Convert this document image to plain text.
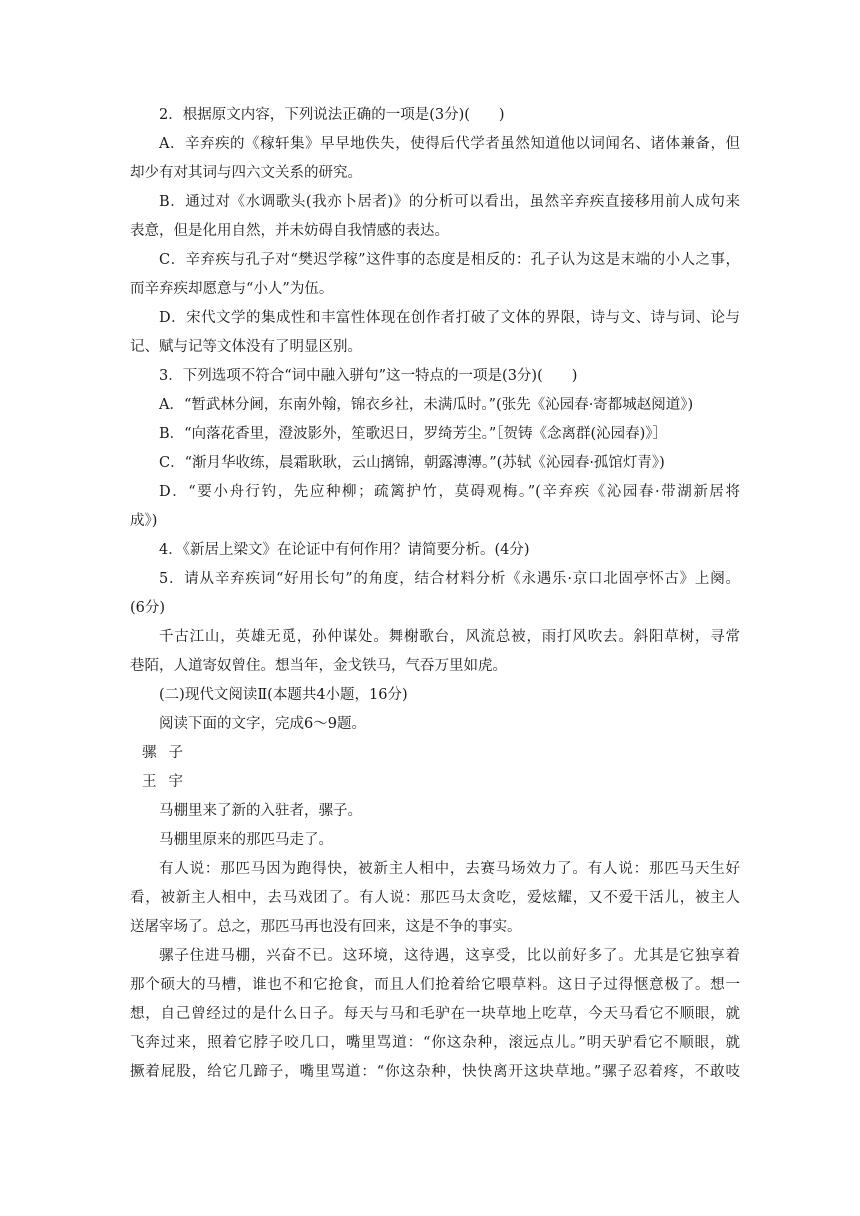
2．根据原文内容，下列说法正确的一项是(3分)(　　)
A．辛弃疾的《稼轩集》早早地佚失，使得后代学者虽然知道他以词闻名、诸体兼备，但
却少有对其词与四六文关系的研究。
B．通过对《水调歌头(我亦卜居者)》的分析可以看出，虽然辛弃疾直接移用前人成句来
表意，但是化用自然，并未妨碍自我情感的表达。
C．辛弃疾与孔子对“樊迟学稼”这件事的态度是相反的：孔子认为这是末端的小人之事，
而辛弃疾却愿意与“小人”为伍。
D．宋代文学的集成性和丰富性体现在创作者打破了文体的界限，诗与文、诗与词、论与
记、赋与记等文体没有了明显区别。
3．下列选项不符合“词中融入骈句”这一特点的一项是(3分)(　　)
A．“暂武林分阃，东南外翰，锦衣乡社，未满瓜时。”(张先《沁园春·寄都城赵阅道》)
B．“向落花香里，澄波影外，笙歌迟日，罗绮芳尘。”［贺铸《念离群(沁园春)》］
C．“渐月华收练，晨霜耿耿，云山摛锦，朝露漙漙。”(苏轼《沁园春·孤馆灯青》)
D．“要小舟行钓，先应种柳；疏篱护竹，莫碍观梅。”(辛弃疾《沁园春·带湖新居将
成》)
4．《新居上梁文》在论证中有何作用？请简要分析。(4分)
5．请从辛弃疾词“好用长句”的角度，结合材料分析《永遇乐·京口北固亭怀古》上阕。
(6分)
千古江山，英雄无觅，孙仲谋处。舞榭歌台，风流总被，雨打风吹去。斜阳草树，寻常
巷陌，人道寄奴曾住。想当年，金戈铁马，气吞万里如虎。
(二)现代文阅读Ⅱ(本题共4小题，16分)
阅读下面的文字，完成6～9题。
骡子
王宇
马棚里来了新的入驻者，骡子。
马棚里原来的那匹马走了。
有人说：那匹马因为跑得快，被新主人相中，去赛马场效力了。有人说：那匹马天生好
看，被新主人相中，去马戏团了。有人说：那匹马太贪吃，爱炫耀，又不爱干活儿，被主人
送屠宰场了。总之，那匹马再也没有回来，这是不争的事实。
骡子住进马棚，兴奋不已。这环境，这待遇，这享受，比以前好多了。尤其是它独享着
那个硕大的马槽，谁也不和它抢食，而且人们抢着给它喂草料。这日子过得惬意极了。想一
想，自己曾经过的是什么日子。每天与马和毛驴在一块草地上吃草，今天马看它不顺眼，就
飞奔过来，照着它脖子咬几口，嘴里骂道：“你这杂种，滚远点儿。”明天驴看它不顺眼，就
撅着屁股，给它几蹄子，嘴里骂道：“你这杂种，快快离开这块草地。”骡子忍着疼，不敢吱
